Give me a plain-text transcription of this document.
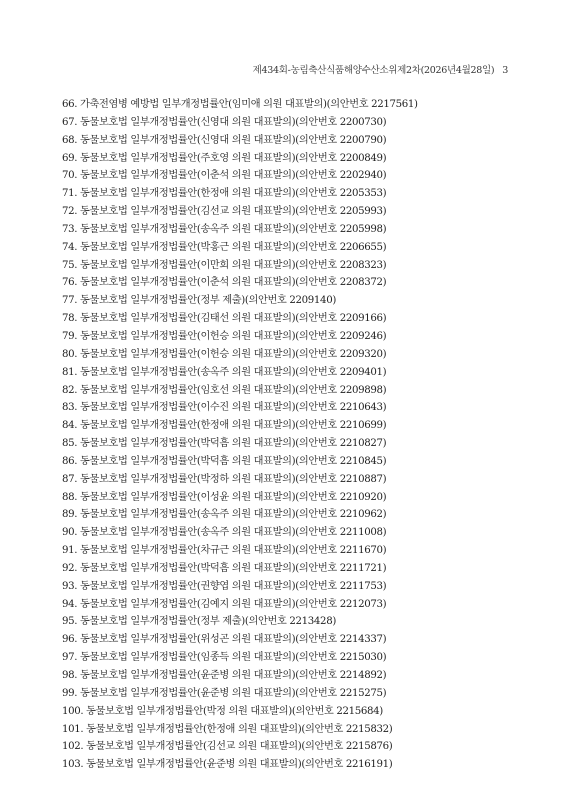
제434회-농림축산식품해양수산소위제2차(2026년4월28일) 3
66. 가축전염병 예방법 일부개정법률안(임미애 의원 대표발의)(의안번호 2217561)
67. 동물보호법 일부개정법률안(신영대 의원 대표발의)(의안번호 2200730)
68. 동물보호법 일부개정법률안(신영대 의원 대표발의)(의안번호 2200790)
69. 동물보호법 일부개정법률안(주호영 의원 대표발의)(의안번호 2200849)
70. 동물보호법 일부개정법률안(이춘석 의원 대표발의)(의안번호 2202940)
71. 동물보호법 일부개정법률안(한정애 의원 대표발의)(의안번호 2205353)
72. 동물보호법 일부개정법률안(김선교 의원 대표발의)(의안번호 2205993)
73. 동물보호법 일부개정법률안(송옥주 의원 대표발의)(의안번호 2205998)
74. 동물보호법 일부개정법률안(박홍근 의원 대표발의)(의안번호 2206655)
75. 동물보호법 일부개정법률안(이만희 의원 대표발의)(의안번호 2208323)
76. 동물보호법 일부개정법률안(이춘석 의원 대표발의)(의안번호 2208372)
77. 동물보호법 일부개정법률안(정부 제출)(의안번호 2209140)
78. 동물보호법 일부개정법률안(김태선 의원 대표발의)(의안번호 2209166)
79. 동물보호법 일부개정법률안(이헌승 의원 대표발의)(의안번호 2209246)
80. 동물보호법 일부개정법률안(이헌승 의원 대표발의)(의안번호 2209320)
81. 동물보호법 일부개정법률안(송옥주 의원 대표발의)(의안번호 2209401)
82. 동물보호법 일부개정법률안(임호선 의원 대표발의)(의안번호 2209898)
83. 동물보호법 일부개정법률안(이수진 의원 대표발의)(의안번호 2210643)
84. 동물보호법 일부개정법률안(한정애 의원 대표발의)(의안번호 2210699)
85. 동물보호법 일부개정법률안(박덕흠 의원 대표발의)(의안번호 2210827)
86. 동물보호법 일부개정법률안(박덕흠 의원 대표발의)(의안번호 2210845)
87. 동물보호법 일부개정법률안(박정하 의원 대표발의)(의안번호 2210887)
88. 동물보호법 일부개정법률안(이성윤 의원 대표발의)(의안번호 2210920)
89. 동물보호법 일부개정법률안(송옥주 의원 대표발의)(의안번호 2210962)
90. 동물보호법 일부개정법률안(송옥주 의원 대표발의)(의안번호 2211008)
91. 동물보호법 일부개정법률안(차규근 의원 대표발의)(의안번호 2211670)
92. 동물보호법 일부개정법률안(박덕흠 의원 대표발의)(의안번호 2211721)
93. 동물보호법 일부개정법률안(권향엽 의원 대표발의)(의안번호 2211753)
94. 동물보호법 일부개정법률안(김예지 의원 대표발의)(의안번호 2212073)
95. 동물보호법 일부개정법률안(정부 제출)(의안번호 2213428)
96. 동물보호법 일부개정법률안(위성곤 의원 대표발의)(의안번호 2214337)
97. 동물보호법 일부개정법률안(임종득 의원 대표발의)(의안번호 2215030)
98. 동물보호법 일부개정법률안(윤준병 의원 대표발의)(의안번호 2214892)
99. 동물보호법 일부개정법률안(윤준병 의원 대표발의)(의안번호 2215275)
100. 동물보호법 일부개정법률안(박정 의원 대표발의)(의안번호 2215684)
101. 동물보호법 일부개정법률안(한정애 의원 대표발의)(의안번호 2215832)
102. 동물보호법 일부개정법률안(김선교 의원 대표발의)(의안번호 2215876)
103. 동물보호법 일부개정법률안(윤준병 의원 대표발의)(의안번호 2216191)
